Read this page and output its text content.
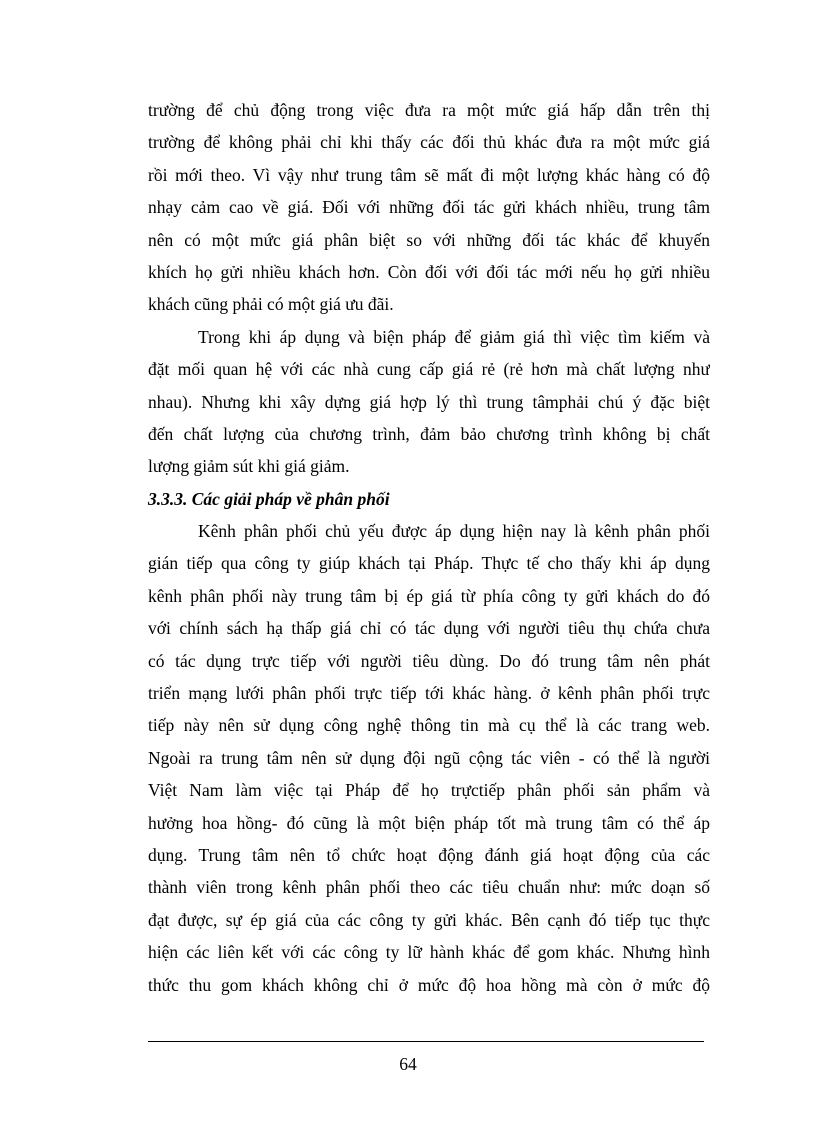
trường để chủ động trong việc đưa ra một mức giá hấp dẫn trên thị
trường để không phải chỉ khi thấy các đối thủ khác đưa ra một mức giá
rồi mới theo. Vì vậy như trung tâm sẽ mất đi một lượng khác hàng có độ
nhạy cảm cao về giá. Đối với những đối tác gửi khách nhiều, trung tâm
nên có một mức giá phân biệt so với những đối tác khác để khuyến
khích họ gửi nhiều khách hơn. Còn đối với đối tác mới nếu họ gửi nhiều
khách cũng phải có một giá ưu đãi.
Trong khi áp dụng và biện pháp để giảm giá thì việc tìm kiếm và
đặt mối quan hệ với các nhà cung cấp giá rẻ (rẻ hơn mà chất lượng như
nhau). Nhưng khi xây dựng giá hợp lý thì trung tâmphải chú ý đặc biệt
đến chất lượng của chương trình, đảm bảo chương trình không bị chất
lượng giảm sút khi giá giảm.
3.3.3. Các giải pháp về phân phối
Kênh phân phối chủ yếu được áp dụng hiện nay là kênh phân phối
gián tiếp qua công ty giúp khách tại Pháp. Thực tế cho thấy khi áp dụng
kênh phân phối này trung tâm bị ép giá từ phía công ty gửi khách do đó
với chính sách hạ thấp giá chỉ có tác dụng với người tiêu thụ chứa chưa
có tác dụng trực tiếp với người tiêu dùng. Do đó trung tâm nên phát
triển mạng lưới phân phối trực tiếp tới khác hàng. ở kênh phân phối trực
tiếp này nên sử dụng công nghệ thông tin mà cụ thể là các trang web.
Ngoài ra trung tâm nên sử dụng đội ngũ cộng tác viên - có thể là người
Việt Nam làm việc tại Pháp để họ trựctiếp phân phối sản phẩm và
hưởng hoa hồng- đó cũng là một biện pháp tốt mà trung tâm có thể áp
dụng. Trung tâm nên tổ chức hoạt động đánh giá hoạt động của các
thành viên trong kênh phân phối theo các tiêu chuẩn như: mức doạn số
đạt được, sự ép giá của các công ty gửi khác. Bên cạnh đó tiếp tục thực
hiện các liên kết với các công ty lữ hành khác để gom khác. Nhưng hình
thức thu gom khách không chỉ ở mức độ hoa hồng mà còn ở mức độ
64
